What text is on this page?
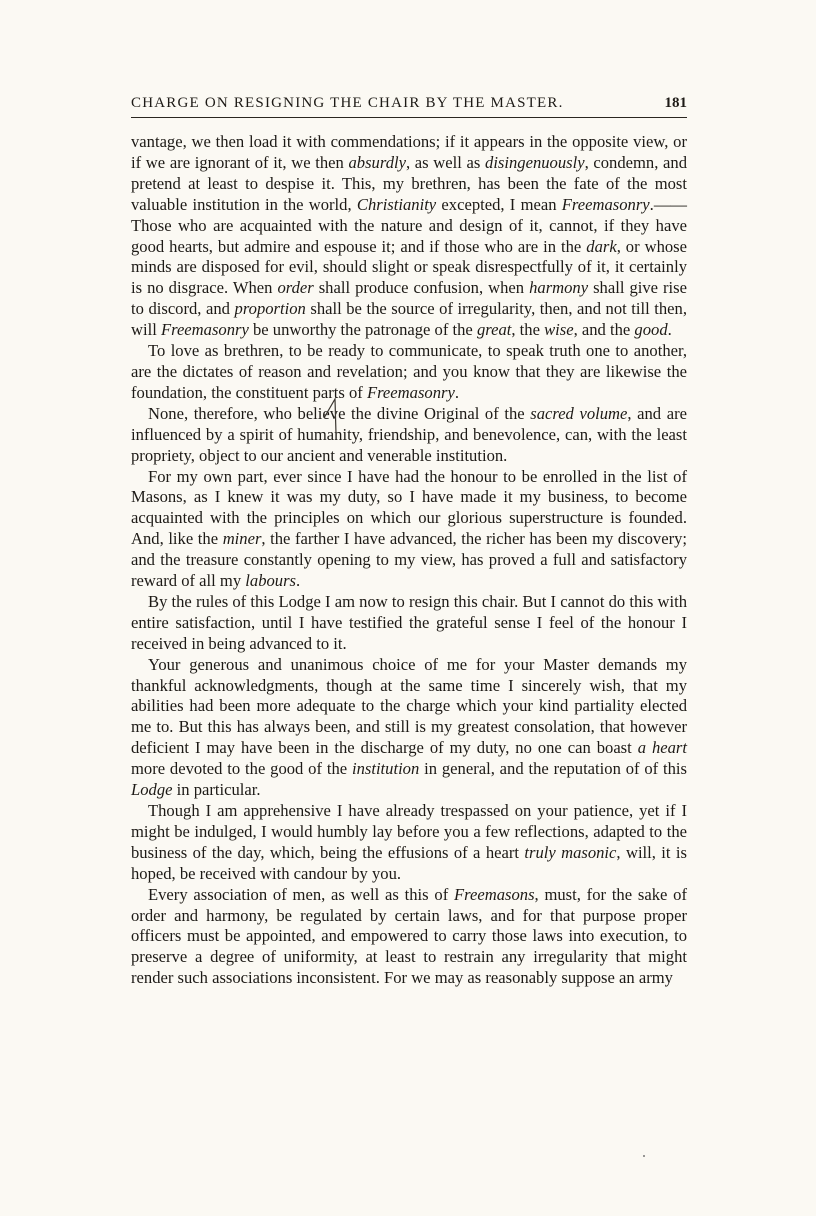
CHARGE ON RESIGNING THE CHAIR BY THE MASTER.	181

vantage, we then load it with commendations; if it appears in the opposite view, or if we are ignorant of it, we then absurdly, as well as disingenuously, condemn, and pretend at least to despise it. This, my brethren, has been the fate of the most valuable institution in the world, Christianity excepted, I mean Freemasonry.——Those who are acquainted with the nature and design of it, cannot, if they have good hearts, but admire and espouse it; and if those who are in the dark, or whose minds are disposed for evil, should slight or speak disrespectfully of it, it certainly is no disgrace. When order shall produce confusion, when harmony shall give rise to discord, and proportion shall be the source of irregularity, then, and not till then, will Freemasonry be unworthy the patronage of the great, the wise, and the good.

To love as brethren, to be ready to communicate, to speak truth one to another, are the dictates of reason and revelation; and you know that they are likewise the foundation, the constituent parts of Freemasonry.

None, therefore, who believe the divine Original of the sacred volume, and are influenced by a spirit of humanity, friendship, and benevolence, can, with the least propriety, object to our ancient and venerable institution.

For my own part, ever since I have had the honour to be enrolled in the list of Masons, as I knew it was my duty, so I have made it my business, to become acquainted with the principles on which our glorious superstructure is founded. And, like the miner, the farther I have advanced, the richer has been my discovery; and the treasure constantly opening to my view, has proved a full and satisfactory reward of all my labours.

By the rules of this Lodge I am now to resign this chair. But I cannot do this with entire satisfaction, until I have testified the grateful sense I feel of the honour I received in being advanced to it.

Your generous and unanimous choice of me for your Master demands my thankful acknowledgments, though at the same time I sincerely wish, that my abilities had been more adequate to the charge which your kind partiality elected me to. But this has always been, and still is my greatest consolation, that however deficient I may have been in the discharge of my duty, no one can boast a heart more devoted to the good of the institution in general, and the reputation of of this Lodge in particular.

Though I am apprehensive I have already trespassed on your patience, yet if I might be indulged, I would humbly lay before you a few reflections, adapted to the business of the day, which, being the effusions of a heart truly masonic, will, it is hoped, be received with candour by you.

Every association of men, as well as this of Freemasons, must, for the sake of order and harmony, be regulated by certain laws, and for that purpose proper officers must be appointed, and empowered to carry those laws into execution, to preserve a degree of uniformity, at least to restrain any irregularity that might render such associations inconsistent. For we may as reasonably suppose an army
